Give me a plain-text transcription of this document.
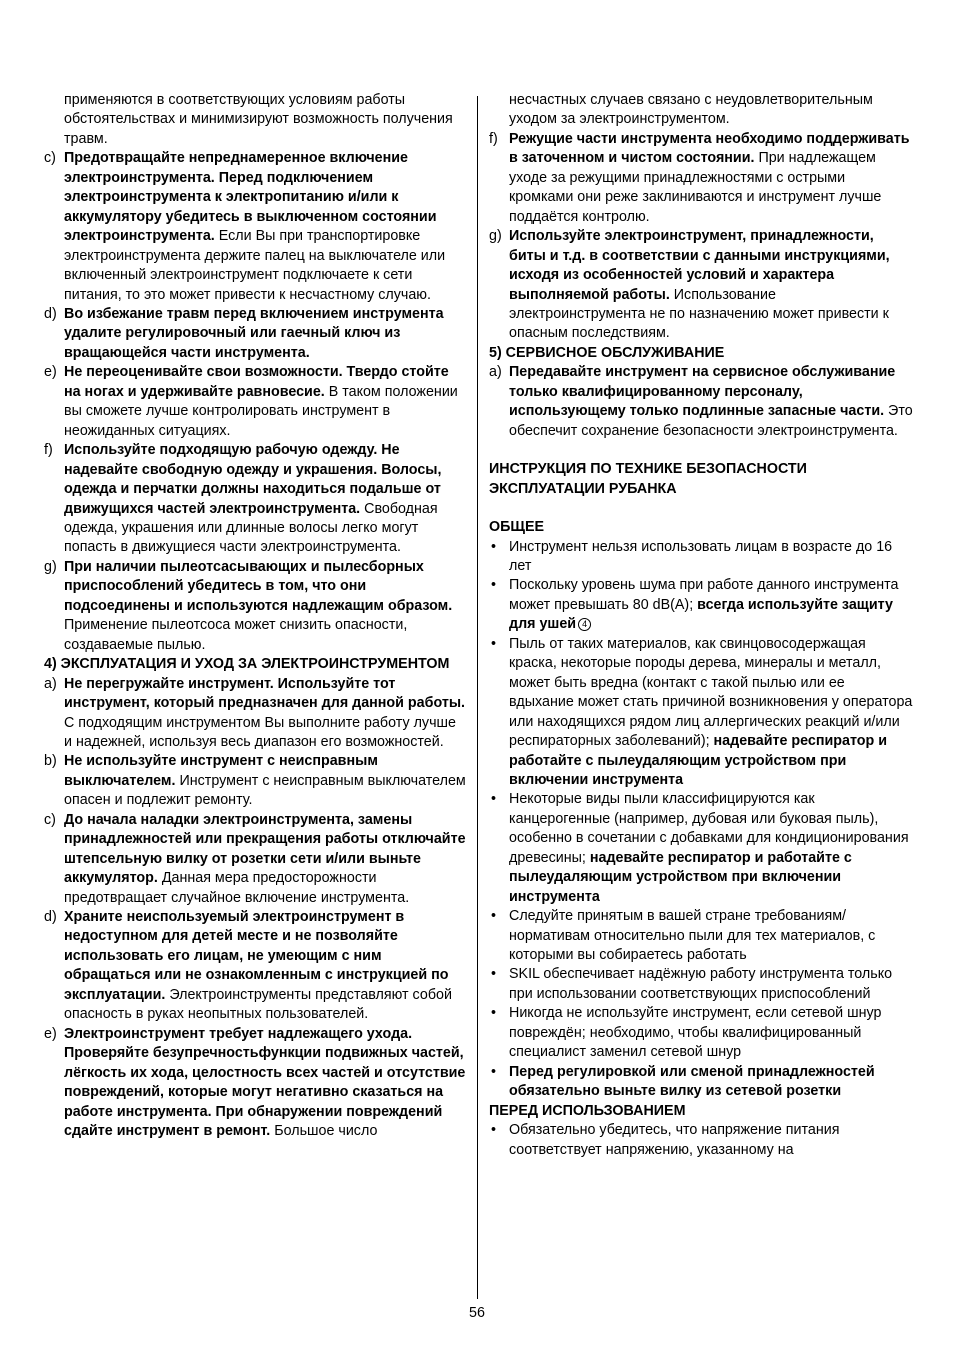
применяются в соответствующих условиям работы обстоятельствах и минимизируют возможность получения травм.
c) Предотвращайте непреднамеренное включение электроинструмента. Перед подключением электроинструмента к электропитанию и/или к аккумулятору убедитесь в выключенном состоянии электроинструмента. Если Вы при транспортировке электроинструмента держите палец на выключателе или включенный электроинструмент подключаете к сети питания, то это может привести к несчастному случаю.
d) Во избежание травм перед включением инструмента удалите регулировочный или гаечный ключ из вращающейся части инструмента.
e) Не переоценивайте свои возможности. Твердо стойте на ногах и удерживайте равновесие. В таком положении вы сможете лучше контролировать инструмент в неожиданных ситуациях.
f) Используйте подходящую рабочую одежду. Не надевайте свободную одежду и украшения. Волосы, одежда и перчатки должны находиться подальше от движущихся частей электроинструмента. Свободная одежда, украшения или длинные волосы легко могут попасть в движущиеся части электроинструмента.
g) При наличии пылеотсасывающих и пылесборных приспособлений убедитесь в том, что они подсоединены и используются надлежащим образом. Применение пылеотсоса может снизить опасности, создаваемые пылью.
4) ЭКСПЛУАТАЦИЯ И УХОД ЗА ЭЛЕКТРОИНСТРУМЕНТОМ
a) Не перегружайте инструмент. Используйте тот инструмент, который предназначен для данной работы. С подходящим инструментом Вы выполните работу лучше и надежней, используя весь диапазон его возможностей.
b) Не используйте инструмент с неисправным выключателем. Инструмент с неисправным выключателем опасен и подлежит ремонту.
c) До начала наладки электроинструмента, замены принадлежностей или прекращения работы отключайте штепсельную вилку от розетки сети и/или выньте аккумулятор. Данная мера предосторожности предотвращает случайное включение инструмента.
d) Храните неиспользуемый электроинструмент в недоступном для детей месте и не позволяйте использовать его лицам, не умеющим с ним обращаться или не ознакомленным с инструкцией по эксплуатации. Электроинструменты представляют собой опасность в руках неопытных пользователей.
e) Электроинструмент требует надлежащего ухода. Проверяйте безупречностьфункции подвижных частей, лёгкость их хода, целостность всех частей и отсутствие повреждений, которые могут негативно сказаться на работе инструмента. При обнаружении повреждений сдайте инструмент в ремонт. Большое число
несчастных случаев связано с неудовлетворительным уходом за электроинструментом.
f) Режущие части инструмента необходимо поддерживать в заточенном и чистом состоянии. При надлежащем уходе за режущими принадлежностями с острыми кромками они реже заклиниваются и инструмент лучше поддаётся контролю.
g) Используйте электроинструмент, принадлежности, биты и т.д. в соответствии с данными инструкциями, исходя из особенностей условий и характера выполняемой работы. Использование электроинструмента не по назначению может привести к опасным последствиям.
5) СЕРВИСНОЕ ОБСЛУЖИВАНИЕ
a) Передавайте инструмент на сервисное обслуживание только квалифицированному персоналу, использующему только подлинные запасные части. Это обеспечит сохранение безопасности электроинструмента.
ИНСТРУКЦИЯ ПО ТЕХНИКЕ БЕЗОПАСНОСТИ ЭКСПЛУАТАЦИИ РУБАНКА
ОБЩЕЕ
• Инструмент нельзя использовать лицам в возрасте до 16 лет
• Поскольку уровень шума при работе данного инструмента может превышать 80 dB(A); всегда используйте защиту для ушей 4
• Пыль от таких материалов, как свинцовосодержащая краска, некоторые породы дерева, минералы и металл, может быть вредна (контакт с такой пылью или ее вдыхание может стать причиной возникновения у оператора или находящихся рядом лиц аллергических реакций и/или респираторных заболеваний); надевайте респиратор и работайте с пылеудаляющим устройством при включении инструмента
• Некоторые виды пыли классифицируются как канцерогенные (например, дубовая или буковая пыль), особенно в сочетании с добавками для кондиционирования древесины; надевайте респиратор и работайте с пылеудаляющим устройством при включении инструмента
• Следуйте принятым в вашей стране требованиям/нормативам относительно пыли для тех материалов, с которыми вы собираетесь работать
• SKIL обеспечивает надёжную работу инструмента только при использовании соответствующих приспособлений
• Никогда не используйте инструмент, если сетевой шнур повреждён; необходимо, чтобы квалифицированный специалист заменил сетевой шнур
• Перед регулировкой или сменой принадлежностей обязательно выньте вилку из сетевой розетки
ПЕРЕД ИСПОЛЬЗОВАНИЕМ
• Обязательно убедитесь, что напряжение питания соответствует напряжению, указанному на
56
